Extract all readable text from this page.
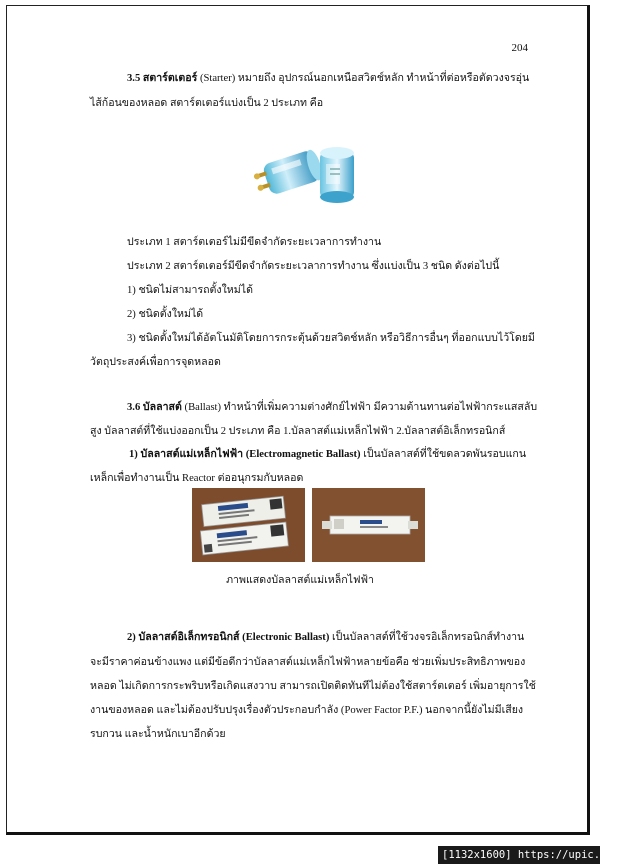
204

3.5 สตาร์ตเตอร์ (Starter) หมายถึง อุปกรณ์นอกเหนือสวิตช์หลัก ทำหน้าที่ต่อหรือตัดวงจรอุ่น

ไส้ก้อนของหลอด สตาร์ตเตอร์แบ่งเป็น 2 ประเภท คือ

ประเภท 1 สตาร์ตเตอร์ไม่มีขีดจำกัดระยะเวลาการทำงาน

ประเภท 2 สตาร์ตเตอร์มีขีดจำกัดระยะเวลาการทำงาน ซึ่งแบ่งเป็น 3 ชนิด ดังต่อไปนี้

1) ชนิดไม่สามารถตั้งใหม่ได้

2) ชนิดตั้งใหม่ได้

3) ชนิดตั้งใหม่ได้อัตโนมัติโดยการกระตุ้นด้วยสวิตช์หลัก หรือวิธีการอื่นๆ ที่ออกแบบไว้โดยมี

วัตถุประสงค์เพื่อการจุดหลอด

3.6 บัลลาสต์ (Ballast) ทำหน้าที่เพิ่มความต่างศักย์ไฟฟ้า มีความต้านทานต่อไฟฟ้ากระแสสลับ

สูง บัลลาสต์ที่ใช้แบ่งออกเป็น 2 ประเภท คือ 1.บัลลาสต์แม่เหล็กไฟฟ้า 2.บัลลาสต์อิเล็กทรอนิกส์

1) บัลลาสต์แม่เหล็กไฟฟ้า (Electromagnetic Ballast) เป็นบัลลาสต์ที่ใช้ขดลวดพันรอบแกน

เหล็กเพื่อทำงานเป็น Reactor ต่ออนุกรมกับหลอด

ภาพแสดงบัลลาสต์แม่เหล็กไฟฟ้า

2) บัลลาสต์อิเล็กทรอนิกส์ (Electronic Ballast) เป็นบัลลาสต์ที่ใช้วงจรอิเล็กทรอนิกส์ทำงาน

จะมีราคาค่อนข้างแพง แต่มีข้อดีกว่าบัลลาสต์แม่เหล็กไฟฟ้าหลายข้อคือ ช่วยเพิ่มประสิทธิภาพของ

หลอด ไม่เกิดการกระพริบหรือเกิดแสงวาบ สามารถเปิดติดทันทีไม่ต้องใช้สตาร์ตเตอร์ เพิ่มอายุการใช้

งานของหลอด และไม่ต้องปรับปรุงเรื่องตัวประกอบกำลัง (Power Factor P.F.) นอกจากนี้ยังไม่มีเสียง

รบกวน และน้ำหนักเบาอีกด้วย

[1132x1600] https://upic.me/
